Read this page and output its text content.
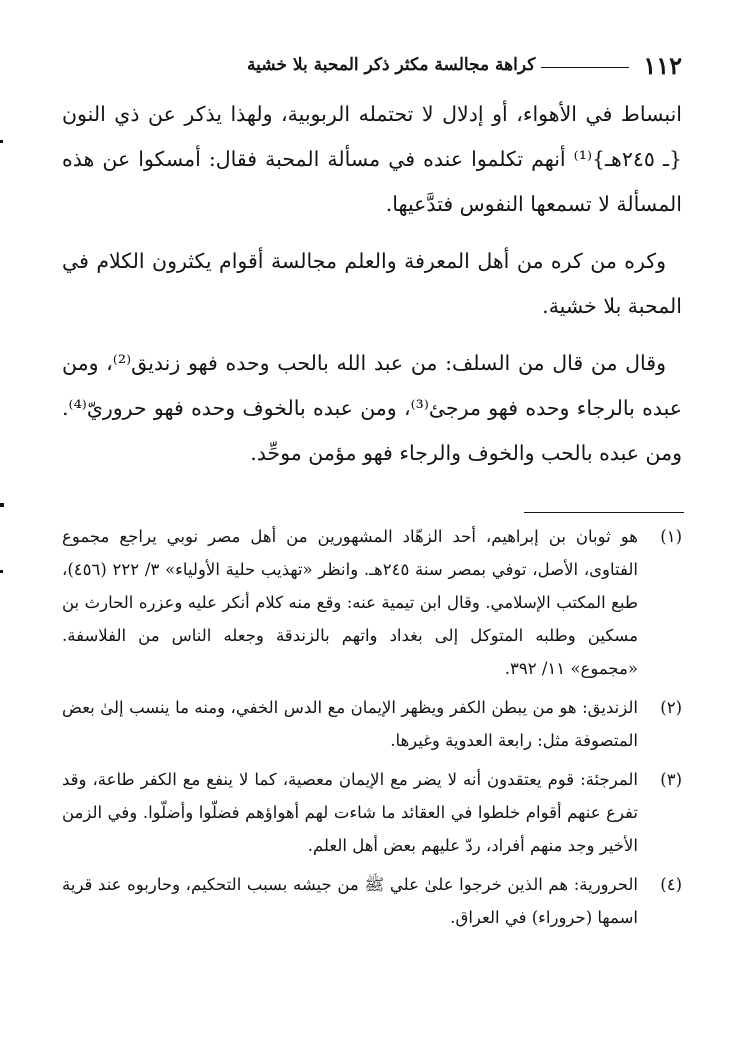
١١٢
كراهة مجالسة مكثر ذكر المحبة بلا خشية

انبساط في الأهواء، أو إدلال لا تحتمله الربوبية، ولهذا يذكر عن ذي النون {ـ ٢٤٥هـ}⁽¹⁾ أنهم تكلموا عنده في مسألة المحبة فقال: أمسكوا عن هذه المسألة لا تسمعها النفوس فتدَّعيها.

وكره من كره من أهل المعرفة والعلم مجالسة أقوام يكثرون الكلام في المحبة بلا خشية.

وقال من قال من السلف: من عبد الله بالحب وحده فهو زنديق⁽²⁾، ومن عبده بالرجاء وحده فهو مرجئ⁽³⁾، ومن عبده بالخوف وحده فهو حروريّ⁽⁴⁾. ومن عبده بالحب والخوف والرجاء فهو مؤمن موحِّد.

(١)
هو ثوبان بن إبراهيم، أحد الزهّاد المشهورين من أهل مصر نوبي يراجع مجموع الفتاوى، الأصل، توفي بمصر سنة ٢٤٥هـ. وانظر «تهذيب حلية الأولياء» ٣/ ٢٢٢ (٤٥٦)، طبع المكتب الإسلامي. وقال ابن تيمية عنه: وقع منه كلام أنكر عليه وعزره الحارث بن مسكين وطلبه المتوكل إلى بغداد واتهم بالزندقة وجعله الناس من الفلاسفة. «مجموع» ١١/ ٣٩٢.
(٢)
الزنديق: هو من يبطن الكفر ويظهر الإيمان مع الدس الخفي، ومنه ما ينسب إلىٰ بعض المتصوفة مثل: رابعة العدوية وغيرها.
(٣)
المرجئة: قوم يعتقدون أنه لا يضر مع الإيمان معصية، كما لا ينفع مع الكفر طاعة، وقد تفرع عنهم أقوام خلطوا في العقائد ما شاءت لهم أهواؤهم فضلّوا وأضلّوا. وفي الزمن الأخير وجد منهم أفراد، ردّ عليهم بعض أهل العلم.
(٤)
الحرورية: هم الذين خرجوا علىٰ علي ﷺ من جيشه بسبب التحكيم، وحاربوه عند قرية اسمها (حروراء) في العراق.
